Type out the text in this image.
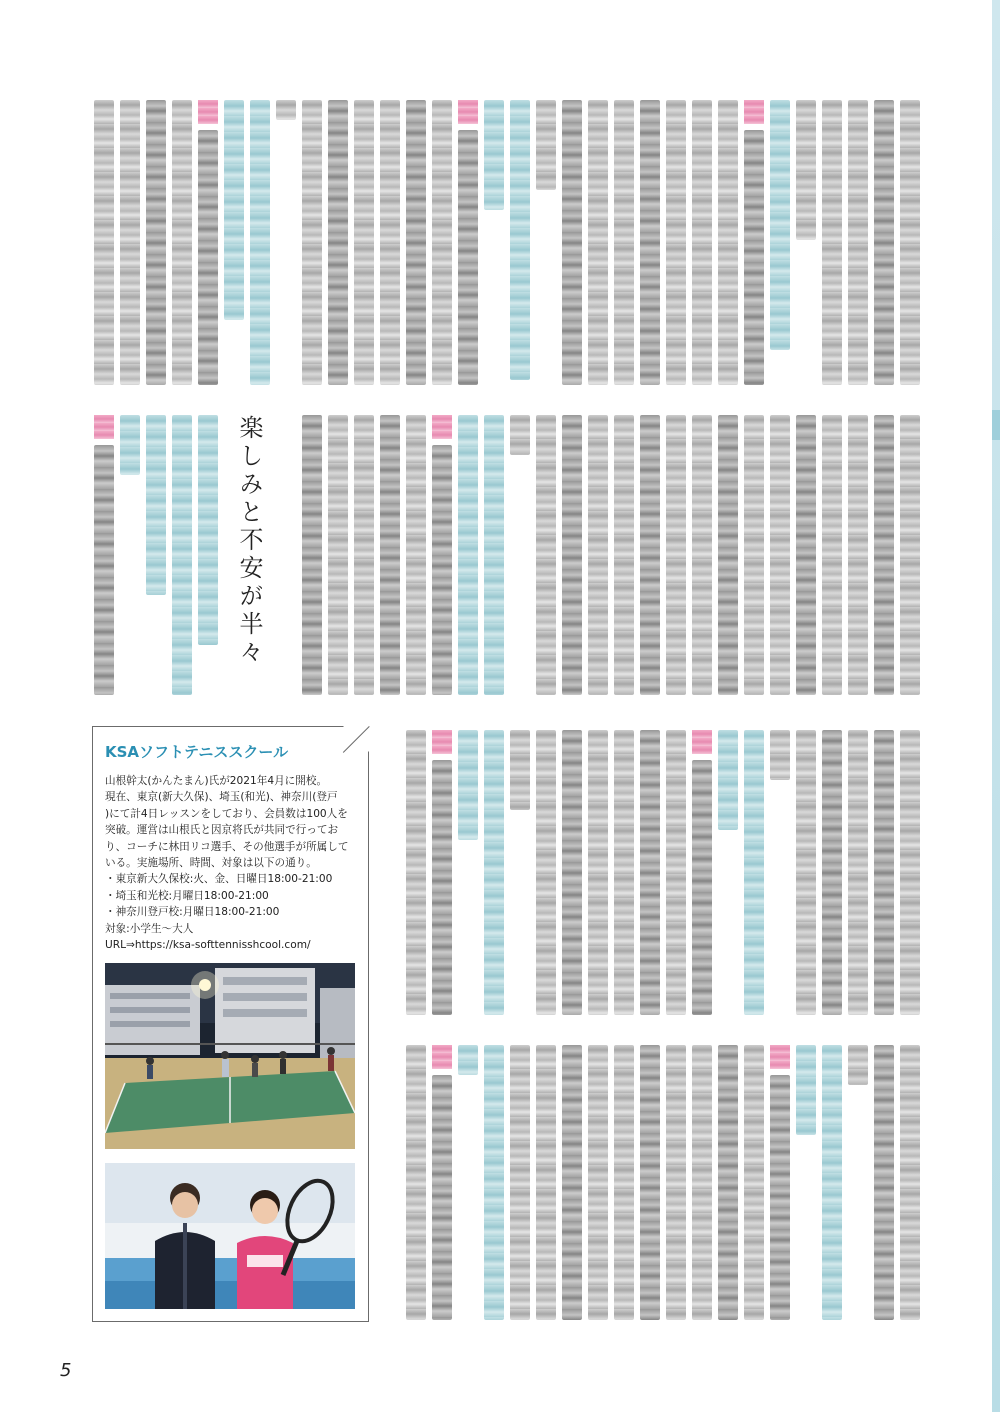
楽しみと不安が半々
KSAソフトテニススクール

山根幹太(かんたまん)氏が2021年4月に開校。

現在、東京(新大久保)、埼玉(和光)、神奈川(登戸

)にて計4日レッスンをしており、会員数は100人を

突破。運営は山根氏と因京将氏が共同で行ってお

り、コーチに林田リコ選手、その他選手が所属して

いる。実施場所、時間、対象は以下の通り。

・東京新大久保校:火、金、日曜日18:00-21:00

・埼玉和光校:月曜日18:00-21:00

・神奈川登戸校:月曜日18:00-21:00

対象:小学生〜大人

URL⇒https://ksa-softtennisshcool.com/

5
